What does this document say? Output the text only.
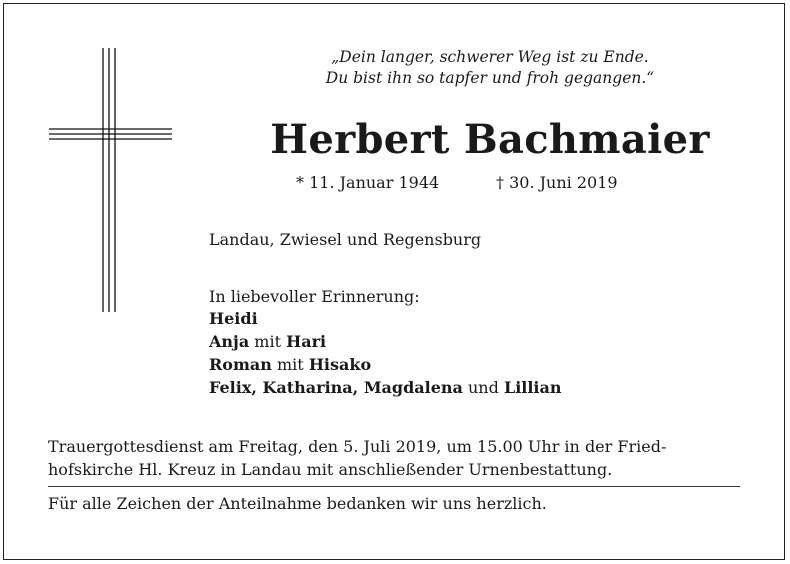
„Dein langer, schwerer Weg ist zu Ende.
Du bist ihn so tapfer und froh gegangen.“
Herbert Bachmaier
* 11. Januar 1944	† 30. Juni 2019
Landau, Zwiesel und Regensburg
In liebevoller Erinnerung:
Heidi
Anja mit Hari
Roman mit Hisako
Felix, Katharina, Magdalena und Lillian
Trauergottesdienst am Freitag, den 5. Juli 2019, um 15.00 Uhr in der Fried-
hofskirche Hl. Kreuz in Landau mit anschließender Urnenbestattung.
Für alle Zeichen der Anteilnahme bedanken wir uns herzlich.
